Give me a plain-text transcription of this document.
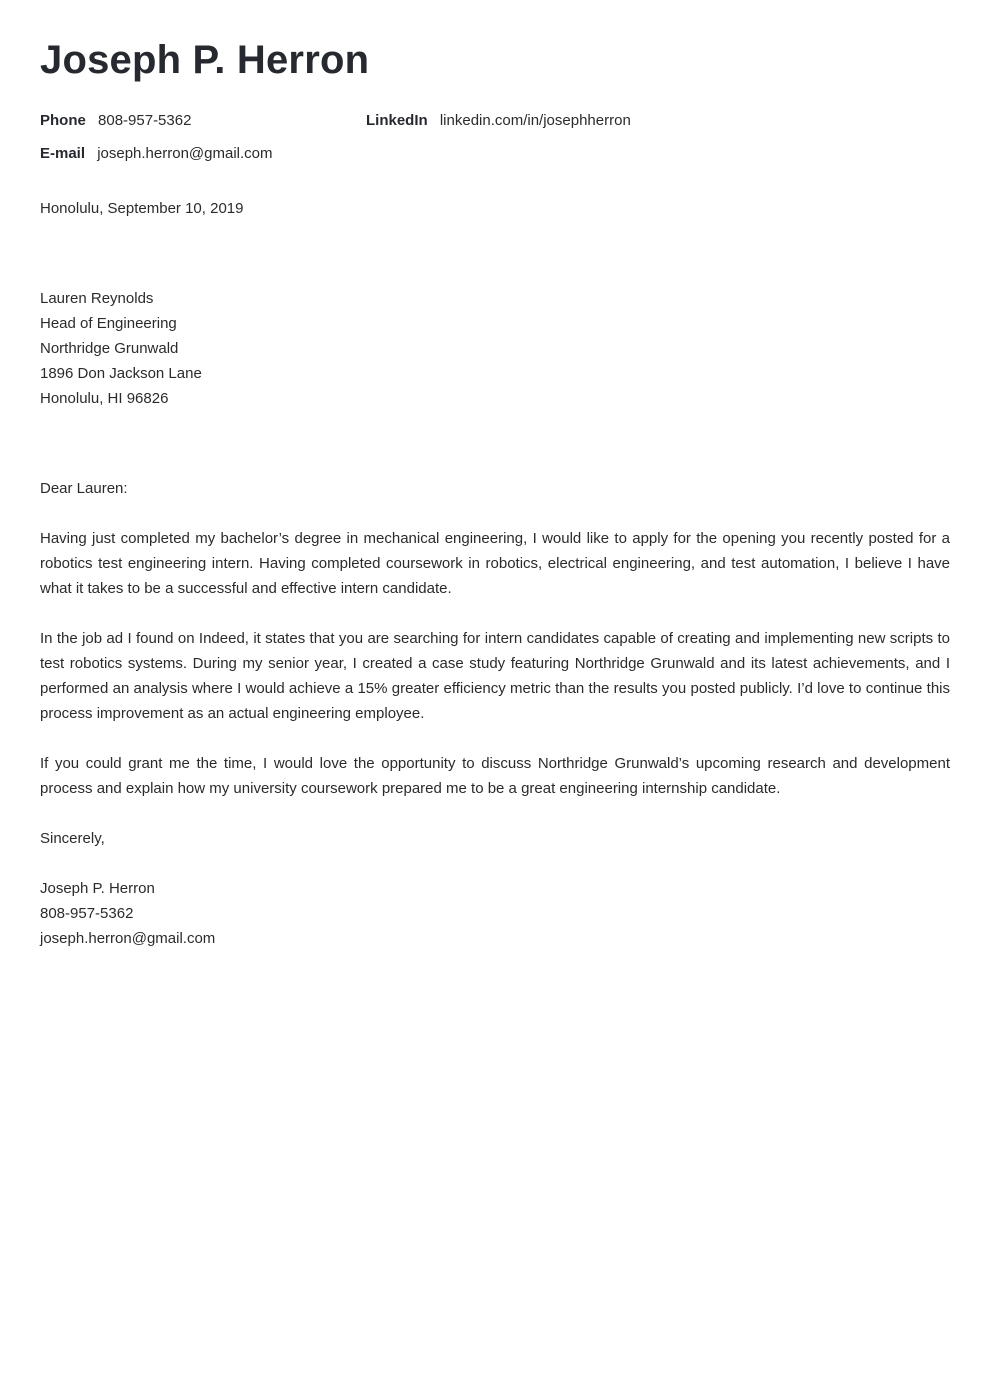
Joseph P. Herron
Phone 808-957-5362	LinkedIn linkedin.com/in/josephherron
E-mail joseph.herron@gmail.com

Honolulu, September 10, 2019

Lauren Reynolds
Head of Engineering
Northridge Grunwald
1896 Don Jackson Lane
Honolulu, HI 96826

Dear Lauren:

Having just completed my bachelor’s degree in mechanical engineering, I would like to apply for the opening you recently posted for a robotics test engineering intern. Having completed coursework in robotics, electrical engineering, and test automation, I believe I have what it takes to be a successful and effective intern candidate.

In the job ad I found on Indeed, it states that you are searching for intern candidates capable of creating and implementing new scripts to test robotics systems. During my senior year, I created a case study featuring Northridge Grunwald and its latest achievements, and I performed an analysis where I would achieve a 15% greater efficiency metric than the results you posted publicly. I’d love to continue this process improvement as an actual engineering employee.

If you could grant me the time, I would love the opportunity to discuss Northridge Grunwald’s upcoming research and development process and explain how my university coursework prepared me to be a great engineering internship candidate.

Sincerely,

Joseph P. Herron
808-957-5362
joseph.herron@gmail.com
